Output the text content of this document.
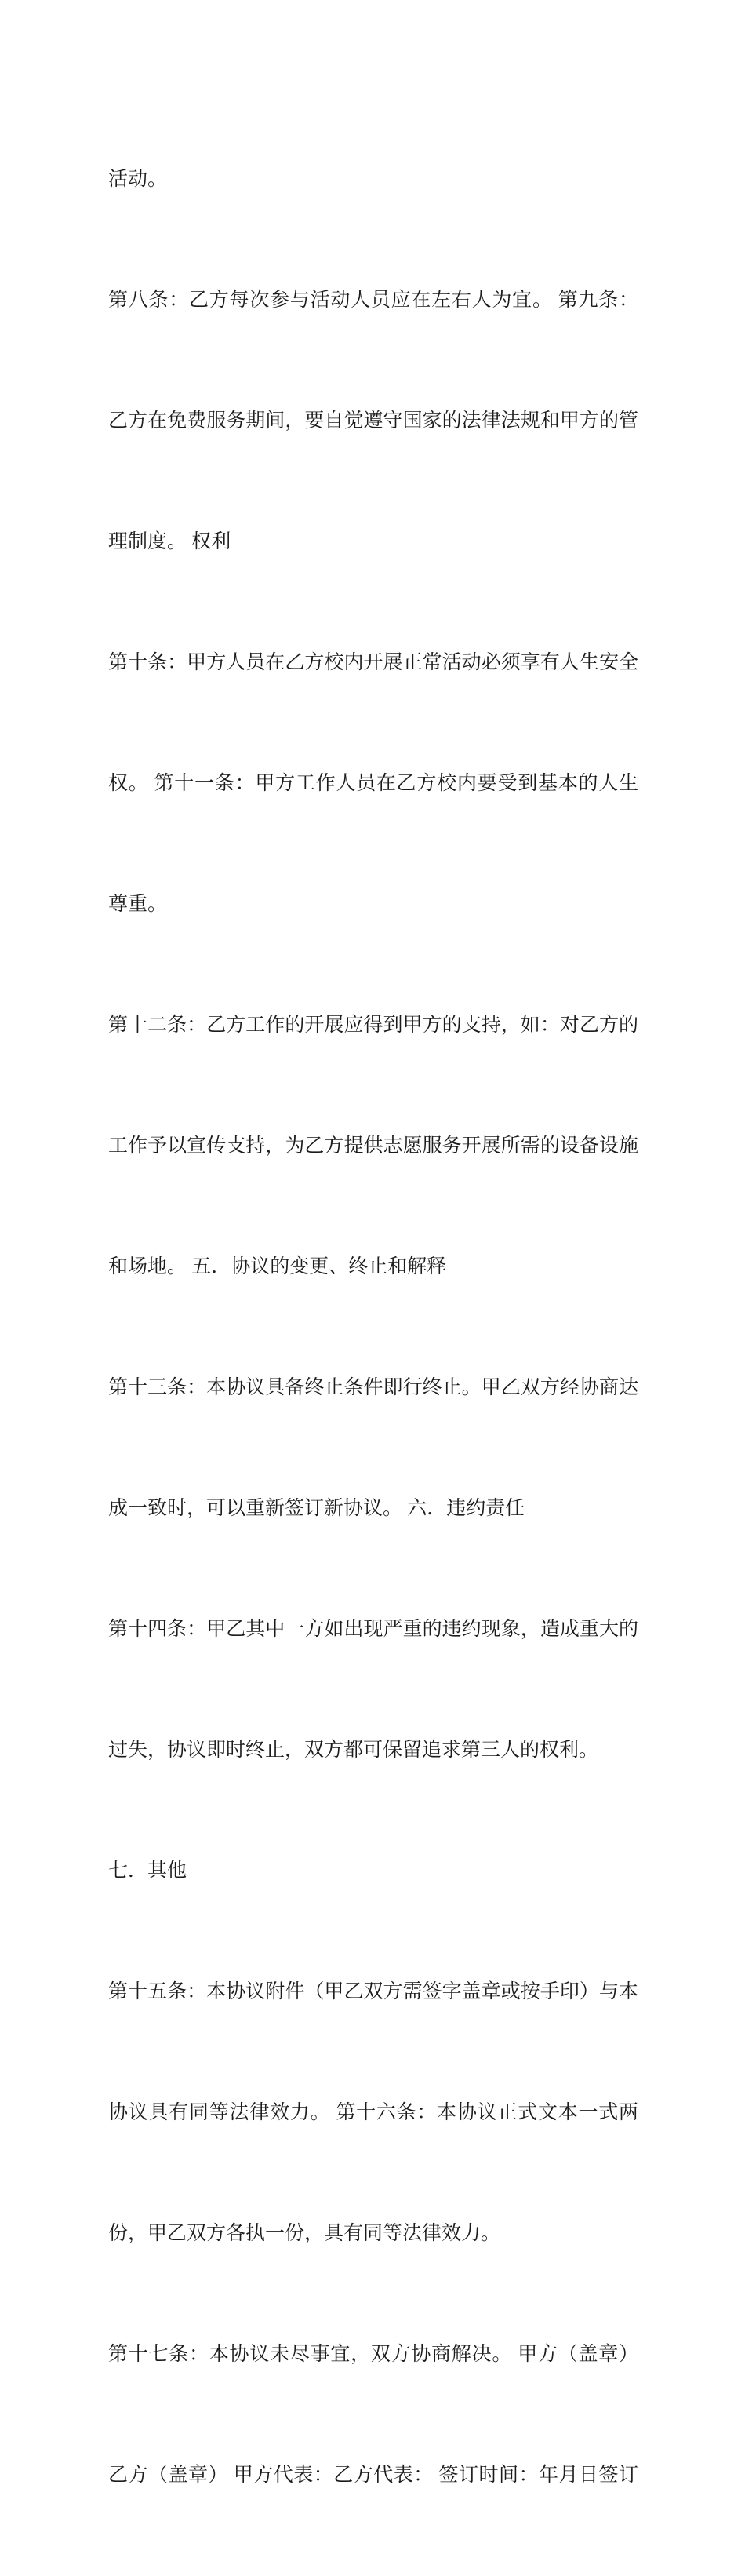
活动。

第八条：乙方每次参与活动人员应在左右人为宜。 第九条：

乙方在免费服务期间，要自觉遵守国家的法律法规和甲方的管

理制度。 权利

第十条：甲方人员在乙方校内开展正常活动必须享有人生安全

权。 第十一条：甲方工作人员在乙方校内要受到基本的人生

尊重。

第十二条：乙方工作的开展应得到甲方的支持，如：对乙方的

工作予以宣传支持，为乙方提供志愿服务开展所需的设备设施

和场地。 五．协议的变更、终止和解释

第十三条：本协议具备终止条件即行终止。甲乙双方经协商达

成一致时，可以重新签订新协议。 六．违约责任

第十四条：甲乙其中一方如出现严重的违约现象，造成重大的

过失，协议即时终止，双方都可保留追求第三人的权利。

七．其他

第十五条：本协议附件（甲乙双方需签字盖章或按手印）与本

协议具有同等法律效力。 第十六条：本协议正式文本一式两

份，甲乙双方各执一份，具有同等法律效力。

第十七条：本协议未尽事宜，双方协商解决。 甲方（盖章）

乙方（盖章） 甲方代表：乙方代表： 签订时间：年月日签订
